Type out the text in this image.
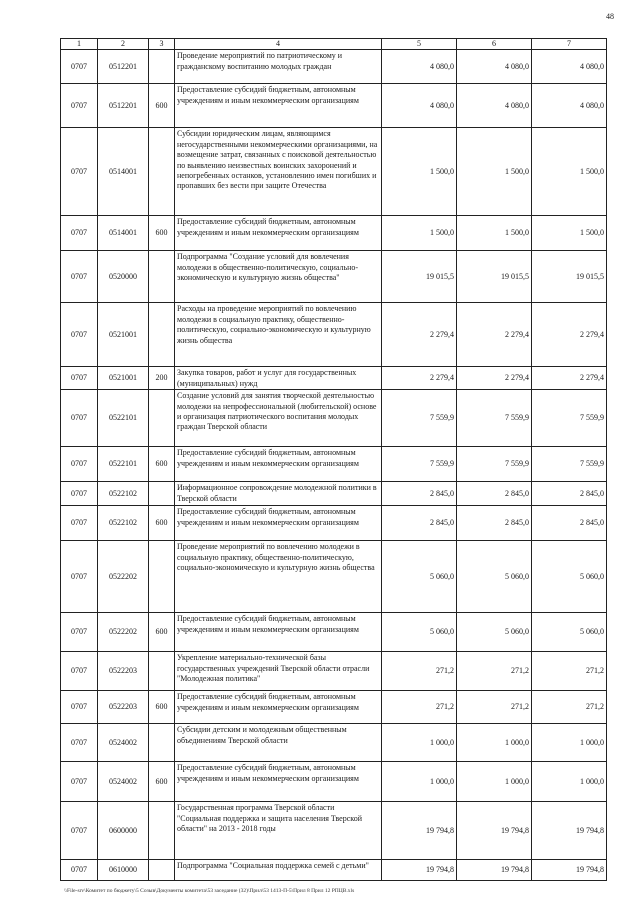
48
1	2	3	4	5	6	7
0707	0512201		Проведение мероприятий по патриотическому и гражданскому воспитанию молодых граждан	4 080,0	4 080,0	4 080,0
0707	0512201	600	Предоставление субсидий бюджетным, автономным учреждениям и иным некоммерческим организациям	4 080,0	4 080,0	4 080,0
0707	0514001		Субсидии юридическим лицам, являющимся негосударственными некоммерческими организациями, на возмещение затрат, связанных с поисковой деятельностью по выявлению неизвестных воинских захоронений и непогребенных останков, установлению имен погибших и пропавших без вести при защите Отечества	1 500,0	1 500,0	1 500,0
0707	0514001	600	Предоставление субсидий бюджетным, автономным учреждениям и иным некоммерческим организациям	1 500,0	1 500,0	1 500,0
0707	0520000		Подпрограмма "Создание условий для вовлечения молодежи в общественно-политическую, социально-экономическую и культурную жизнь общества"	19 015,5	19 015,5	19 015,5
0707	0521001		Расходы на проведение мероприятий по вовлечению молодежи в социальную практику, общественно-политическую, социально-экономическую и культурную жизнь общества	2 279,4	2 279,4	2 279,4
0707	0521001	200	Закупка товаров, работ и услуг для государственных (муниципальных) нужд	2 279,4	2 279,4	2 279,4
0707	0522101		Создание условий для занятия творческой деятельностью молодежи на непрофессиональной (любительской) основе и организация патриотического воспитания молодых граждан Тверской области	7 559,9	7 559,9	7 559,9
0707	0522101	600	Предоставление субсидий бюджетным, автономным учреждениям и иным некоммерческим организациям	7 559,9	7 559,9	7 559,9
0707	0522102		Информационное сопровождение молодежной политики в Тверской области	2 845,0	2 845,0	2 845,0
0707	0522102	600	Предоставление субсидий бюджетным, автономным учреждениям и иным некоммерческим организациям	2 845,0	2 845,0	2 845,0
0707	0522202		Проведение мероприятий по вовлечению молодежи в социальную практику, общественно-политическую, социально-экономическую и культурную жизнь общества	5 060,0	5 060,0	5 060,0
0707	0522202	600	Предоставление субсидий бюджетным, автономным учреждениям и иным некоммерческим организациям	5 060,0	5 060,0	5 060,0
0707	0522203		Укрепление материально-технической базы государственных учреждений Тверской области отрасли "Молодежная политика"	271,2	271,2	271,2
0707	0522203	600	Предоставление субсидий бюджетным, автономным учреждениям и иным некоммерческим организациям	271,2	271,2	271,2
0707	0524002		Субсидии детским и молодежным общественным объединениям Тверской области	1 000,0	1 000,0	1 000,0
0707	0524002	600	Предоставление субсидий бюджетным, автономным учреждениям и иным некоммерческим организациям	1 000,0	1 000,0	1 000,0
0707	0600000		Государственная программа Тверской области "Социальная поддержка и защита населения Тверской области" на 2013 - 2018 годы	19 794,8	19 794,8	19 794,8
0707	0610000		Подпрограмма "Социальная поддержка семей с детьми"	19 794,8	19 794,8	19 794,8
\\File-srv\Комитет по бюджету\5 Созыв\Документы комитета\53 заседание (32)\Прил\53 1413-П-5\Прил 8 Прил 12 РПЦВ.xls
